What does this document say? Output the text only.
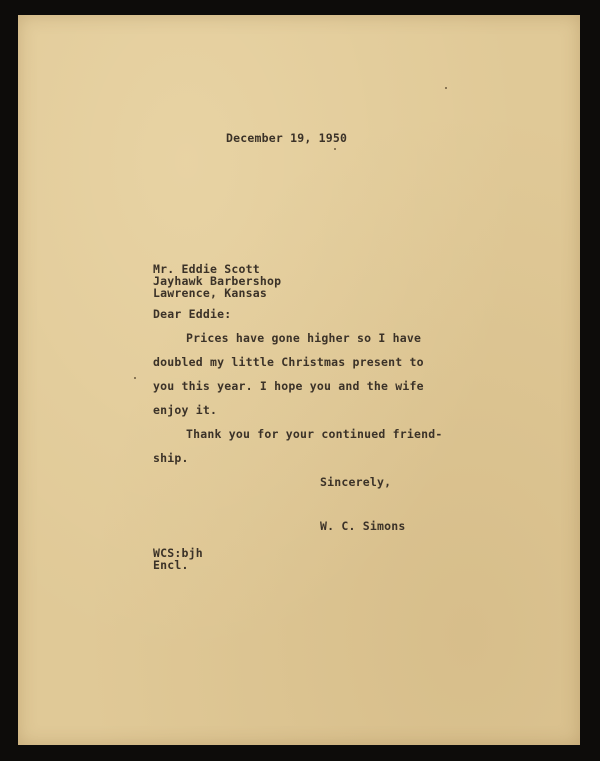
December 19, 1950

Mr. Eddie Scott

Jayhawk Barbershop

Lawrence, Kansas

Dear Eddie:

Prices have gone higher so I have

doubled my little Christmas present to

you this year. I hope you and the wife

enjoy it.

Thank you for your continued friend-

ship.

Sincerely,

W. C. Simons

WCS:bjh

Encl.
